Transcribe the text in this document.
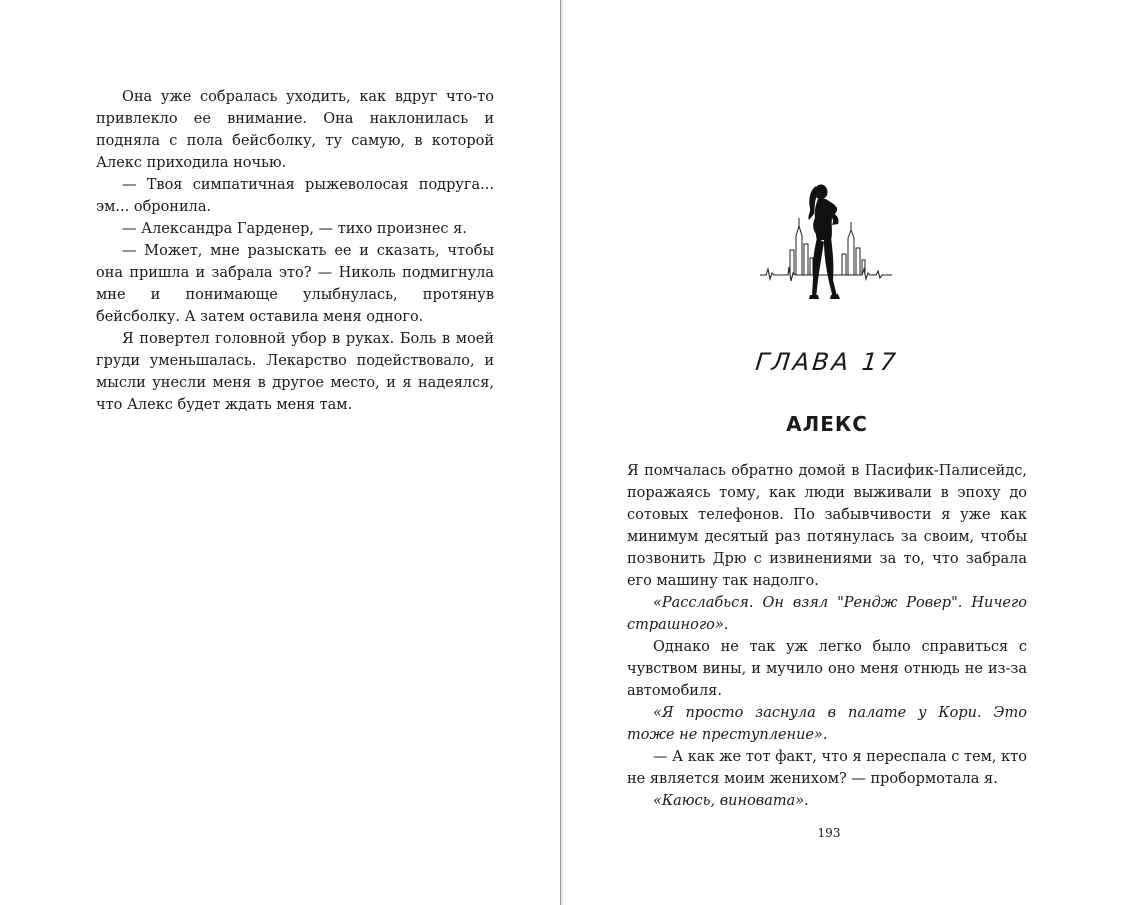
Она уже собралась уходить, как вдруг что-то привлекло ее внимание. Она наклонилась и подняла с пола бейсболку, ту самую, в которой Алекс приходила ночью.

— Твоя симпатичная рыжеволосая подруга... эм... обронила.

— Александра Гарденер, — тихо произнес я.

— Может, мне разыскать ее и сказать, чтобы она пришла и забрала это? — Николь подмигнула мне и понимающе улыбнулась, протянув бейсболку. А затем оставила меня одного.

Я повертел головной убор в руках. Боль в моей груди уменьшалась. Лекарство подействовало, и мысли унесли меня в другое место, и я надеялся, что Алекс будет ждать меня там.

ГЛАВА 17
АЛЕКС

Я помчалась обратно домой в Пасифик-Палисейдс, поражаясь тому, как люди выживали в эпоху до сотовых телефонов. По забывчивости я уже как минимум десятый раз потянулась за своим, чтобы позвонить Дрю с извинениями за то, что забрала его машину так надолго.

«Расслабься. Он взял "Рендж Ровер". Ничего страшного».

Однако не так уж легко было справиться с чувством вины, и мучило оно меня отнюдь не из-за автомобиля.

«Я просто заснула в палате у Кори. Это тоже не преступление».

— А как же тот факт, что я переспала с тем, кто не является моим женихом? — пробормотала я.

«Каюсь, виновата».

193
